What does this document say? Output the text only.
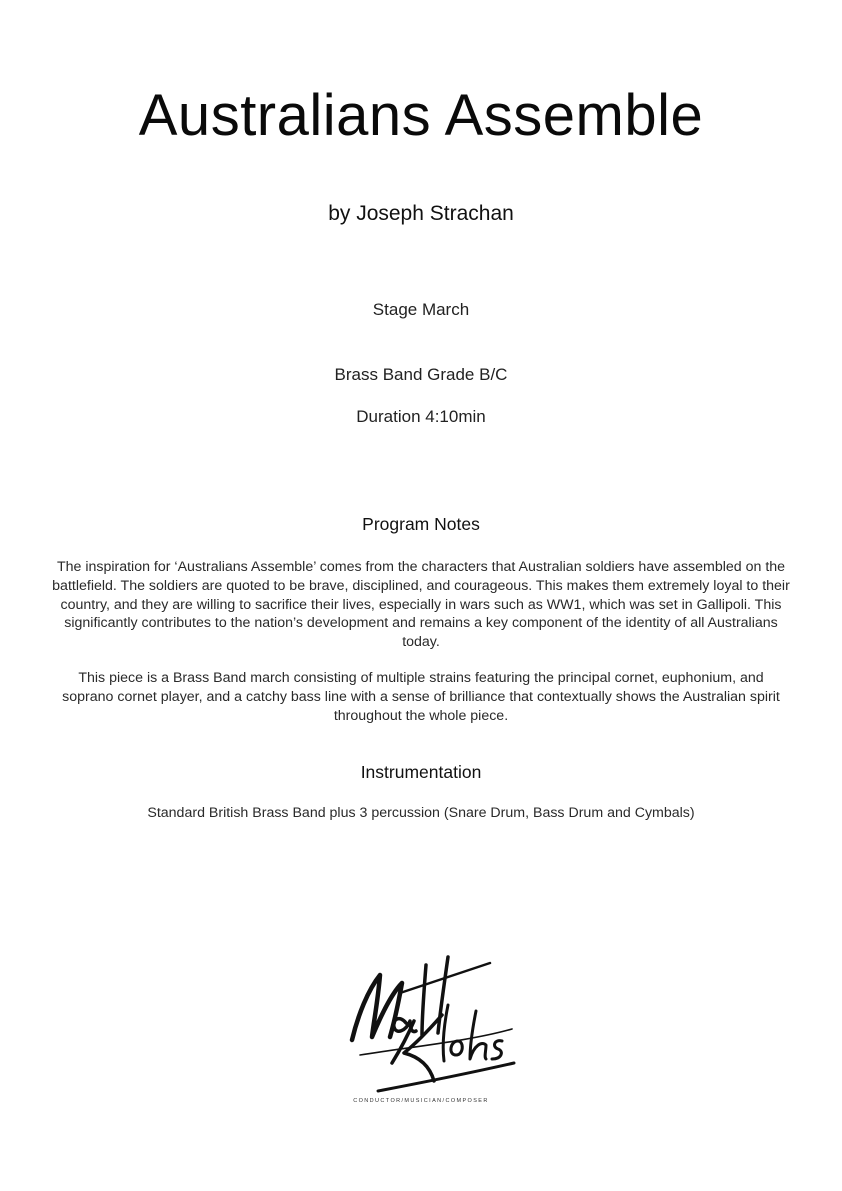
Australians Assemble

by Joseph Strachan

Stage March

Brass Band Grade B/C

Duration 4:10min

Program Notes

The inspiration for ‘Australians Assemble’ comes from the characters that Australian soldiers have assembled on the battlefield. The soldiers are quoted to be brave, disciplined, and courageous. This makes them extremely loyal to their country, and they are willing to sacrifice their lives, especially in wars such as WW1, which was set in Gallipoli. This significantly contributes to the nation’s development and remains a key component of the identity of all Australians today.

This piece is a Brass Band march consisting of multiple strains featuring the principal cornet, euphonium, and soprano cornet player, and a catchy bass line with a sense of brilliance that contextually shows the Australian spirit throughout the whole piece.

Instrumentation

Standard British Brass Band plus 3 percussion (Snare Drum, Bass Drum and Cymbals)

CONDUCTOR/MUSICIAN/COMPOSER
